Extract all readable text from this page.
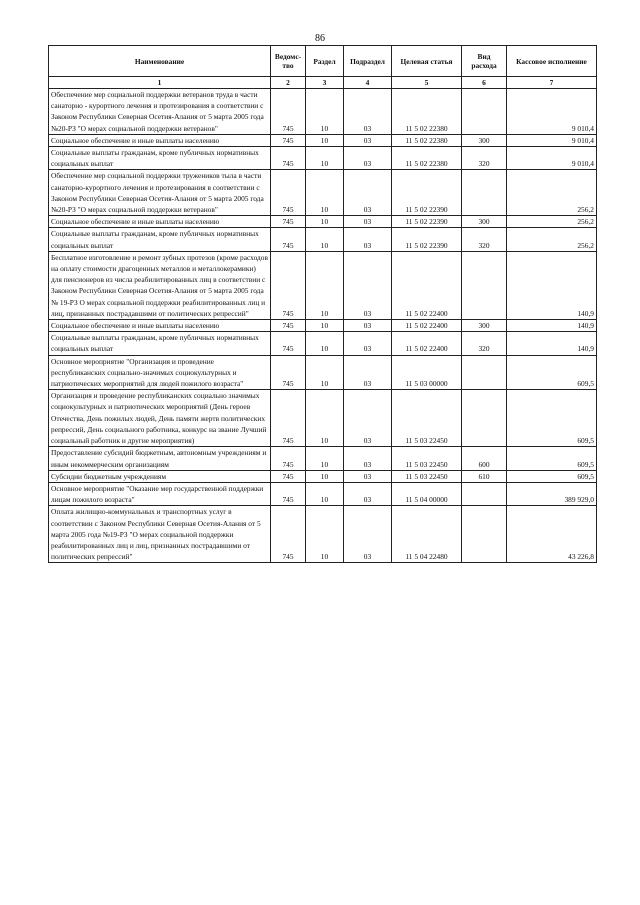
86
Наименование	Ведомс-тво	Раздел	Подраздел	Целевая статья	Вид расхода	Кассовое исполнение
1	2	3	4	5	6	7
Обеспечение мер социальной поддержки ветеранов труда в части санаторно - курортного лечения и протезирования в соответствии с Законом Республики Северная Осетия-Алания от 5 марта 2005 года №20-РЗ "О мерах социальной поддержки ветеранов"	745	10	03	11 5 02 22380		9 010,4
Социальное обеспечение и иные выплаты населению	745	10	03	11 5 02 22380	300	9 010,4
Социальные выплаты гражданам, кроме публичных нормативных социальных выплат	745	10	03	11 5 02 22380	320	9 010,4
Обеспечение мер социальной поддержки тружеников тыла в части санаторно-курортного лечения и протезирования в соответствии с Законом Республики Северная Осетия-Алания от 5 марта 2005 года №20-РЗ "О мерах социальной поддержки ветеранов"	745	10	03	11 5 02 22390		256,2
Социальное обеспечение и иные выплаты населению	745	10	03	11 5 02 22390	300	256,2
Социальные выплаты гражданам, кроме публичных нормативных социальных выплат	745	10	03	11 5 02 22390	320	256,2
Бесплатное изготовление и ремонт зубных протезов (кроме расходов на оплату стоимости драгоценных металлов и металлокерамики) для пенсионеров из числа реабилитированных лиц в соответствии с Законом Республики Северная Осетия-Алания от 5 марта 2005 года № 19-РЗ О мерах социальной поддержки реабилитированных лиц и лиц, признанных пострадавшими от политических репрессий"	745	10	03	11 5 02 22400		140,9
Социальное обеспечение и иные выплаты населению	745	10	03	11 5 02 22400	300	140,9
Социальные выплаты гражданам, кроме публичных нормативных социальных выплат	745	10	03	11 5 02 22400	320	140,9
Основное мероприятие "Организация и проведение республиканских социально-значимых социокультурных и патриотических мероприятий для людей пожилого возраста"	745	10	03	11 5 03 00000		609,5
Организация и проведение республиканских социально значимых социокультурных и патриотических мероприятий (День героев Отечества, День пожилых людей, День памяти жертв политических репрессий, День социального работника, конкурс на звание Лучший социальный работник и другие мероприятия)	745	10	03	11 5 03 22450		609,5
Предоставление субсидий бюджетным, автономным учреждениям и иным некоммерческим организациям	745	10	03	11 5 03 22450	600	609,5
Субсидии бюджетным учреждениям	745	10	03	11 5 03 22450	610	609,5
Основное мероприятие "Оказание мер государственной поддержки лицам пожилого возраста"	745	10	03	11 5 04 00000		389 929,0
Оплата жилищно-коммунальных и транспортных услуг в соответствии с Законом Республики Северная Осетия-Алания от 5 марта 2005 года №19-РЗ "О мерах социальной поддержки реабилитированных лиц и лиц, признанных пострадавшими от политических репрессий"	745	10	03	11 5 04 22480		43 226,8
